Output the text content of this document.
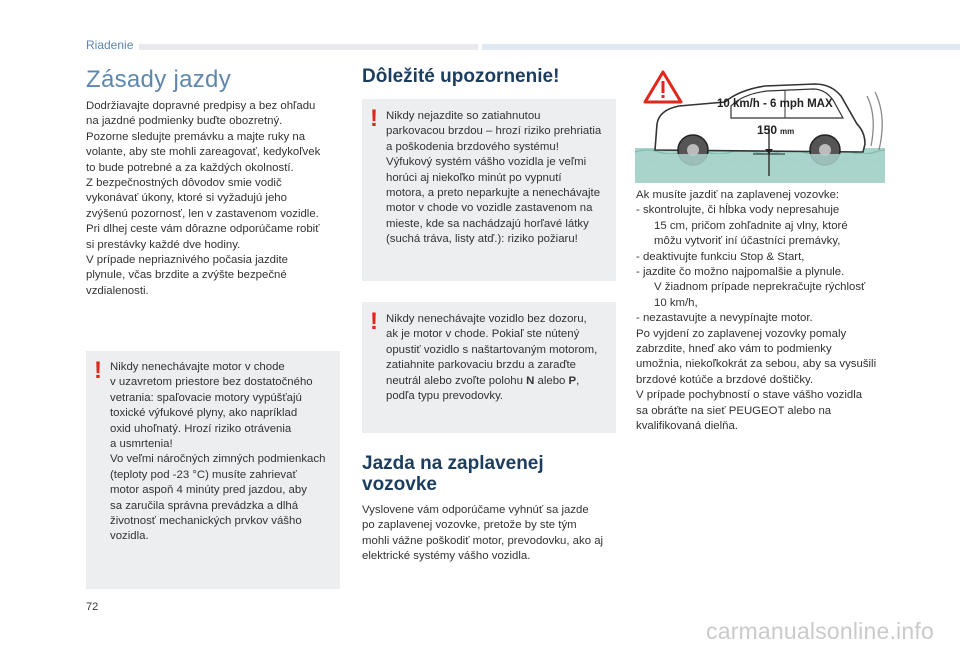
Riadenie
Zásady jazdy
Dodržiavajte dopravné predpisy a bez ohľadu
na jazdné podmienky buďte obozretný.
Pozorne sledujte premávku a majte ruky na
volante, aby ste mohli zareagovať, kedykoľvek
to bude potrebné a za každých okolností.
Z bezpečnostných dôvodov smie vodič
vykonávať úkony, ktoré si vyžadujú jeho
zvýšenú pozornosť, len v zastavenom vozidle.
Pri dlhej ceste vám dôrazne odporúčame robiť
si prestávky každé dve hodiny.
V prípade nepriaznivého počasia jazdite
plynule, včas brzdite a zvýšte bezpečné
vzdialenosti.
! Nikdy nenechávajte motor v chode
v uzavretom priestore bez dostatočného
vetrania: spaľovacie motory vypúšťajú
toxické výfukové plyny, ako napríklad
oxid uhoľnatý. Hrozí riziko otrávenia
a usmrtenia!
Vo veľmi náročných zimných podmienkach
(teploty pod -23 °C) musíte zahrievať
motor aspoň 4 minúty pred jazdou, aby
sa zaručila správna prevádzka a dlhá
životnosť mechanických prvkov vášho
vozidla.
Dôležité upozornenie!
! Nikdy nejazdite so zatiahnutou
parkovacou brzdou – hrozí riziko prehriatia
a poškodenia brzdového systému!
Výfukový systém vášho vozidla je veľmi
horúci aj niekoľko minút po vypnutí
motora, a preto neparkujte a nenechávajte
motor v chode vo vozidle zastavenom na
mieste, kde sa nachádzajú horľavé látky
(suchá tráva, listy atď.): riziko požiaru!
! Nikdy nenechávajte vozidlo bez dozoru,
ak je motor v chode. Pokiaľ ste nútený
opustiť vozidlo s naštartovaným motorom,
zatiahnite parkovaciu brzdu a zaraďte
neutrál alebo zvoľte polohu N alebo P,
podľa typu prevodovky.
Jazda na zaplavenej
vozovke
Vyslovene vám odporúčame vyhnúť sa jazde
po zaplavenej vozovke, pretože by ste tým
mohli vážne poškodiť motor, prevodovku, ako aj
elektrické systémy vášho vozidla.
10 km/h - 6 mph MAX
150 mm
Ak musíte jazdiť na zaplavenej vozovke:
- skontrolujte, či hĺbka vody nepresahuje
15 cm, pričom zohľadnite aj vlny, ktoré
môžu vytvoriť iní účastníci premávky,
- deaktivujte funkciu Stop & Start,
- jazdite čo možno najpomalšie a plynule.
V žiadnom prípade neprekračujte rýchlosť
10 km/h,
- nezastavujte a nevypínajte motor.
Po vyjdení zo zaplavenej vozovky pomaly
zabrzdite, hneď ako vám to podmienky
umožnia, niekoľkokrát za sebou, aby sa vysušili
brzdové kotúče a brzdové doštičky.
V prípade pochybností o stave vášho vozidla
sa obráťte na sieť PEUGEOT alebo na
kvalifikovaná dielňa.
72
carmanualsonline.info
